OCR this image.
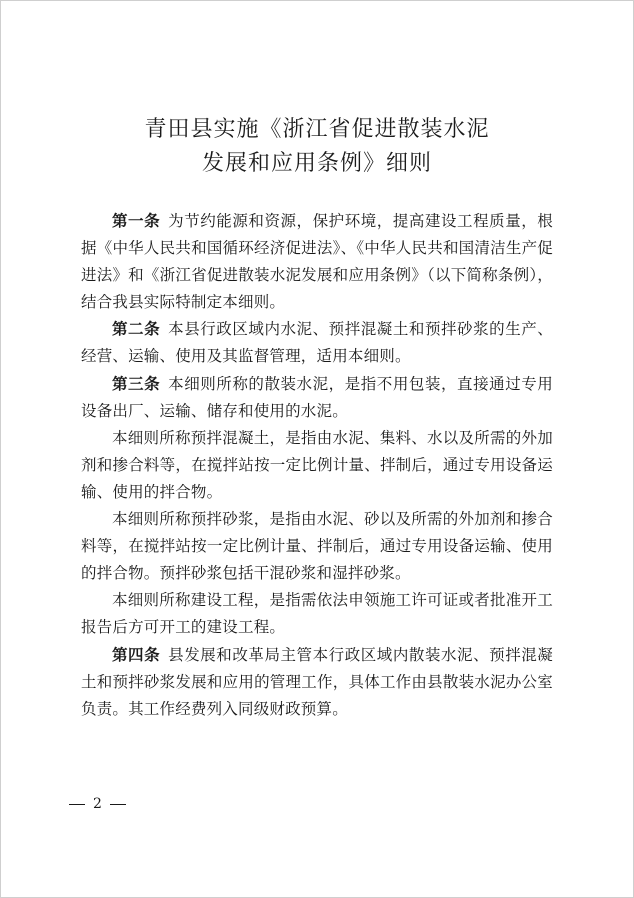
青田县实施《浙江省促进散装水泥
发展和应用条例》细则

第一条 为节约能源和资源，保护环境，提高建设工程质量，根据《中华人民共和国循环经济促进法》、《中华人民共和国清洁生产促进法》和《浙江省促进散装水泥发展和应用条例》（以下简称条例），结合我县实际特制定本细则。

第二条 本县行政区域内水泥、预拌混凝土和预拌砂浆的生产、经营、运输、使用及其监督管理，适用本细则。

第三条 本细则所称的散装水泥，是指不用包装，直接通过专用设备出厂、运输、储存和使用的水泥。

本细则所称预拌混凝土，是指由水泥、集料、水以及所需的外加剂和掺合料等，在搅拌站按一定比例计量、拌制后，通过专用设备运输、使用的拌合物。

本细则所称预拌砂浆，是指由水泥、砂以及所需的外加剂和掺合料等，在搅拌站按一定比例计量、拌制后，通过专用设备运输、使用的拌合物。预拌砂浆包括干混砂浆和湿拌砂浆。

本细则所称建设工程，是指需依法申领施工许可证或者批准开工报告后方可开工的建设工程。

第四条 县发展和改革局主管本行政区域内散装水泥、预拌混凝土和预拌砂浆发展和应用的管理工作，具体工作由县散装水泥办公室负责。其工作经费列入同级财政预算。

2
